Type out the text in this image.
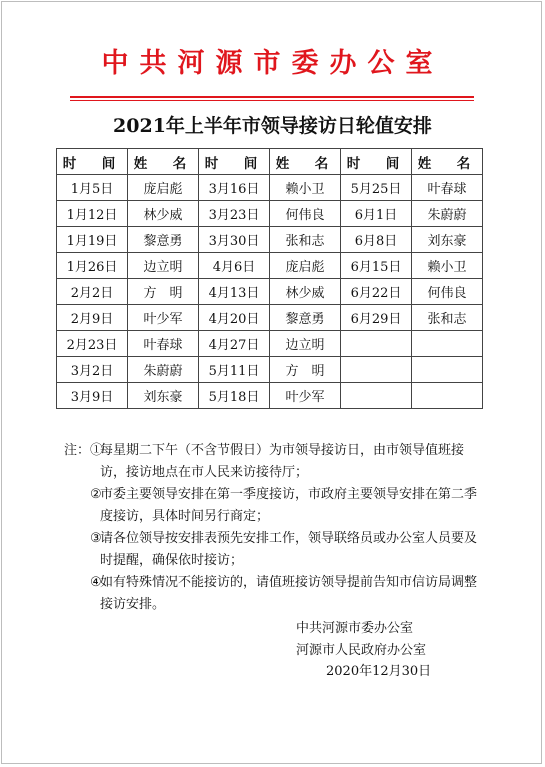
中共河源市委办公室
2021年上半年市领导接访日轮值安排
时　间	姓　名	时　间	姓　名	时　间	姓　名
1月5日	庞启彪	3月16日	赖小卫	5月25日	叶春球
1月12日	林少威	3月23日	何伟良	6月1日	朱蔚蔚
1月19日	黎意勇	3月30日	张和志	6月8日	刘东豪
1月26日	边立明	4月6日	庞启彪	6月15日	赖小卫
2月2日	方　明	4月13日	林少威	6月22日	何伟良
2月9日	叶少军	4月20日	黎意勇	6月29日	张和志
2月23日	叶春球	4月27日	边立明		
3月2日	朱蔚蔚	5月11日	方　明		
3月9日	刘东豪	5月18日	叶少军		
注：①
每星期二下午（不含节假日）为市领导接访日，由市领导值班接访，接访地点在市人民来访接待厅；
②
市委主要领导安排在第一季度接访，市政府主要领导安排在第二季度接访，具体时间另行商定；
③
请各位领导按安排表预先安排工作，领导联络员或办公室人员要及时提醒，确保依时接访；
④
如有特殊情况不能接访的，请值班接访领导提前告知市信访局调整接访安排。
中共河源市委办公室
河源市人民政府办公室
2020年12月30日
